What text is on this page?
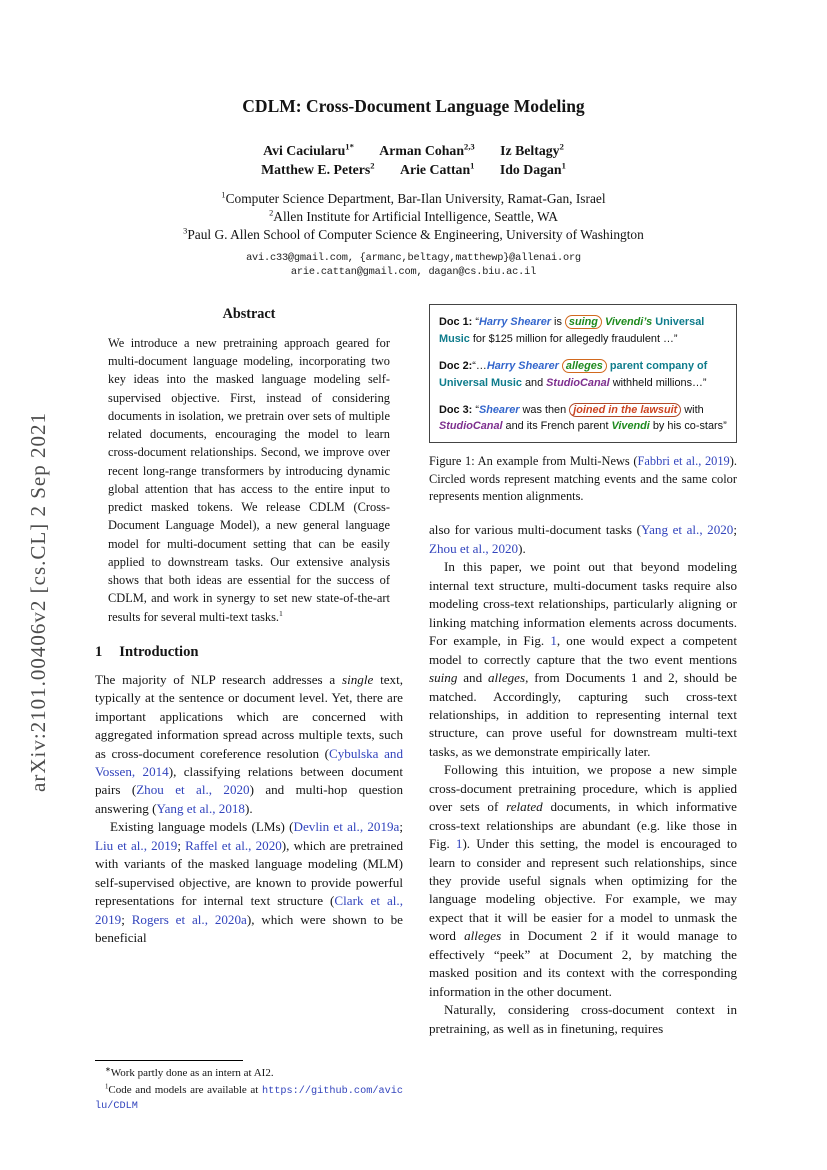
arXiv:2101.00406v2 [cs.CL] 2 Sep 2021
CDLM: Cross-Document Language Modeling
Avi Caciularu$^{1*}$ Arman Cohan$^{2,3}$ Iz Beltagy$^2$
Matthew E. Peters$^2$ Arie Cattan$^1$ Ido Dagan$^1$
$^1$Computer Science Department, Bar-Ilan University, Ramat-Gan, Israel
$^2$Allen Institute for Artificial Intelligence, Seattle, WA
$^3$Paul G. Allen School of Computer Science & Engineering, University of Washington
avi.c33@gmail.com, {armanc,beltagy,matthewp}@allenai.org
arie.cattan@gmail.com, dagan@cs.biu.ac.il
Abstract

We introduce a new pretraining approach geared for multi-document language modeling, incorporating two key ideas into the masked language modeling self-supervised objective. First, instead of considering documents in isolation, we pretrain over sets of multiple related documents, encouraging the model to learn cross-document relationships. Second, we improve over recent long-range transformers by introducing dynamic global attention that has access to the entire input to predict masked tokens. We release CDLM (Cross-Document Language Model), a new general language model for multi-document setting that can be easily applied to downstream tasks. Our extensive analysis shows that both ideas are essential for the success of CDLM, and work in synergy to set new state-of-the-art results for several multi-text tasks.$^1$

1 Introduction

The majority of NLP research addresses a single text, typically at the sentence or document level. Yet, there are important applications which are concerned with aggregated information spread across multiple texts, such as cross-document coreference resolution (Cybulska and Vossen, 2014), classifying relations between document pairs (Zhou et al., 2020) and multi-hop question answering (Yang et al., 2018).

Existing language models (LMs) (Devlin et al., 2019a; Liu et al., 2019; Raffel et al., 2020), which are pretrained with variants of the masked language modeling (MLM) self-supervised objective, are known to provide powerful representations for internal text structure (Clark et al., 2019; Rogers et al., 2020a), which were shown to be beneficial

∗Work partly done as an intern at AI2.

$^1$Code and models are available at https://github.com/aviclu/CDLM

Doc 1: “Harry Shearer is suing Vivendi’s Universal Music for $125 million for allegedly fraudulent …”

Doc 2:“…Harry Shearer alleges parent company of Universal Music and StudioCanal withheld millions…”

Doc 3: “Shearer was then joined in the lawsuit with StudioCanal and its French parent Vivendi by his co-stars”

Figure 1: An example from Multi-News (Fabbri et al., 2019). Circled words represent matching events and the same color represents mention alignments.

also for various multi-document tasks (Yang et al., 2020; Zhou et al., 2020).

In this paper, we point out that beyond modeling internal text structure, multi-document tasks require also modeling cross-text relationships, particularly aligning or linking matching information elements across documents. For example, in Fig. 1, one would expect a competent model to correctly capture that the two event mentions suing and alleges, from Documents 1 and 2, should be matched. Accordingly, capturing such cross-text relationships, in addition to representing internal text structure, can prove useful for downstream multi-text tasks, as we demonstrate empirically later.

Following this intuition, we propose a new simple cross-document pretraining procedure, which is applied over sets of related documents, in which informative cross-text relationships are abundant (e.g. like those in Fig. 1). Under this setting, the model is encouraged to learn to consider and represent such relationships, since they provide useful signals when optimizing for the language modeling objective. For example, we may expect that it will be easier for a model to unmask the word alleges in Document 2 if it would manage to effectively “peek” at Document 2, by matching the masked position and its context with the corresponding information in the other document.

Naturally, considering cross-document context in pretraining, as well as in finetuning, requires
